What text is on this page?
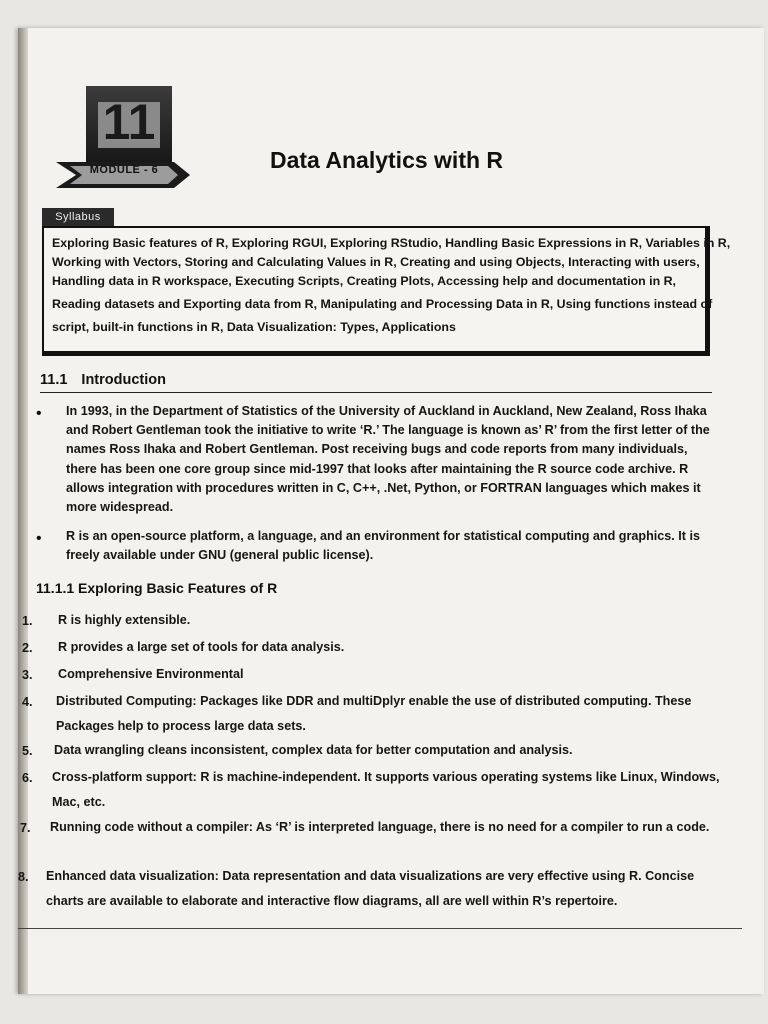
11
MODULE - 6	Data Analytics with R
Syllabus
Exploring Basic features of R, Exploring RGUI, Exploring RStudio, Handling Basic Expressions in R, Variables in R,
Working with Vectors, Storing and Calculating Values in R, Creating and using Objects, Interacting with users,
Handling data in R workspace, Executing Scripts, Creating Plots, Accessing help and documentation in R,
Reading datasets and Exporting data from R, Manipulating and Processing Data in R, Using functions instead of
script, built-in functions in R, Data Visualization: Types, Applications
11.1 Introduction
• In 1993, in the Department of Statistics of the University of Auckland in Auckland, New Zealand, Ross Ihaka and Robert Gentleman took the initiative to write ‘R.’ The language is known as’ R’ from the first letter of the names Ross Ihaka and Robert Gentleman. Post receiving bugs and code reports from many individuals, there has been one core group since mid-1997 that looks after maintaining the R source code archive. R allows integration with procedures written in C, C++, .Net, Python, or FORTRAN languages which makes it more widespread.
• R is an open-source platform, a language, and an environment for statistical computing and graphics. It is freely available under GNU (general public license).
11.1.1 Exploring Basic Features of R
1.	R is highly extensible.
2.	R provides a large set of tools for data analysis.
3.	Comprehensive Environmental
4.	Distributed Computing: Packages like DDR and multiDplyr enable the use of distributed computing. These Packages help to process large data sets.
5.	Data wrangling cleans inconsistent, complex data for better computation and analysis.
6.	Cross-platform support: R is machine-independent. It supports various operating systems like Linux, Windows, Mac, etc.
7.	Running code without a compiler: As ‘R’ is interpreted language, there is no need for a compiler to run a code.
8.	Enhanced data visualization: Data representation and data visualizations are very effective using R. Concise charts are available to elaborate and interactive flow diagrams, all are well within R’s repertoire.
